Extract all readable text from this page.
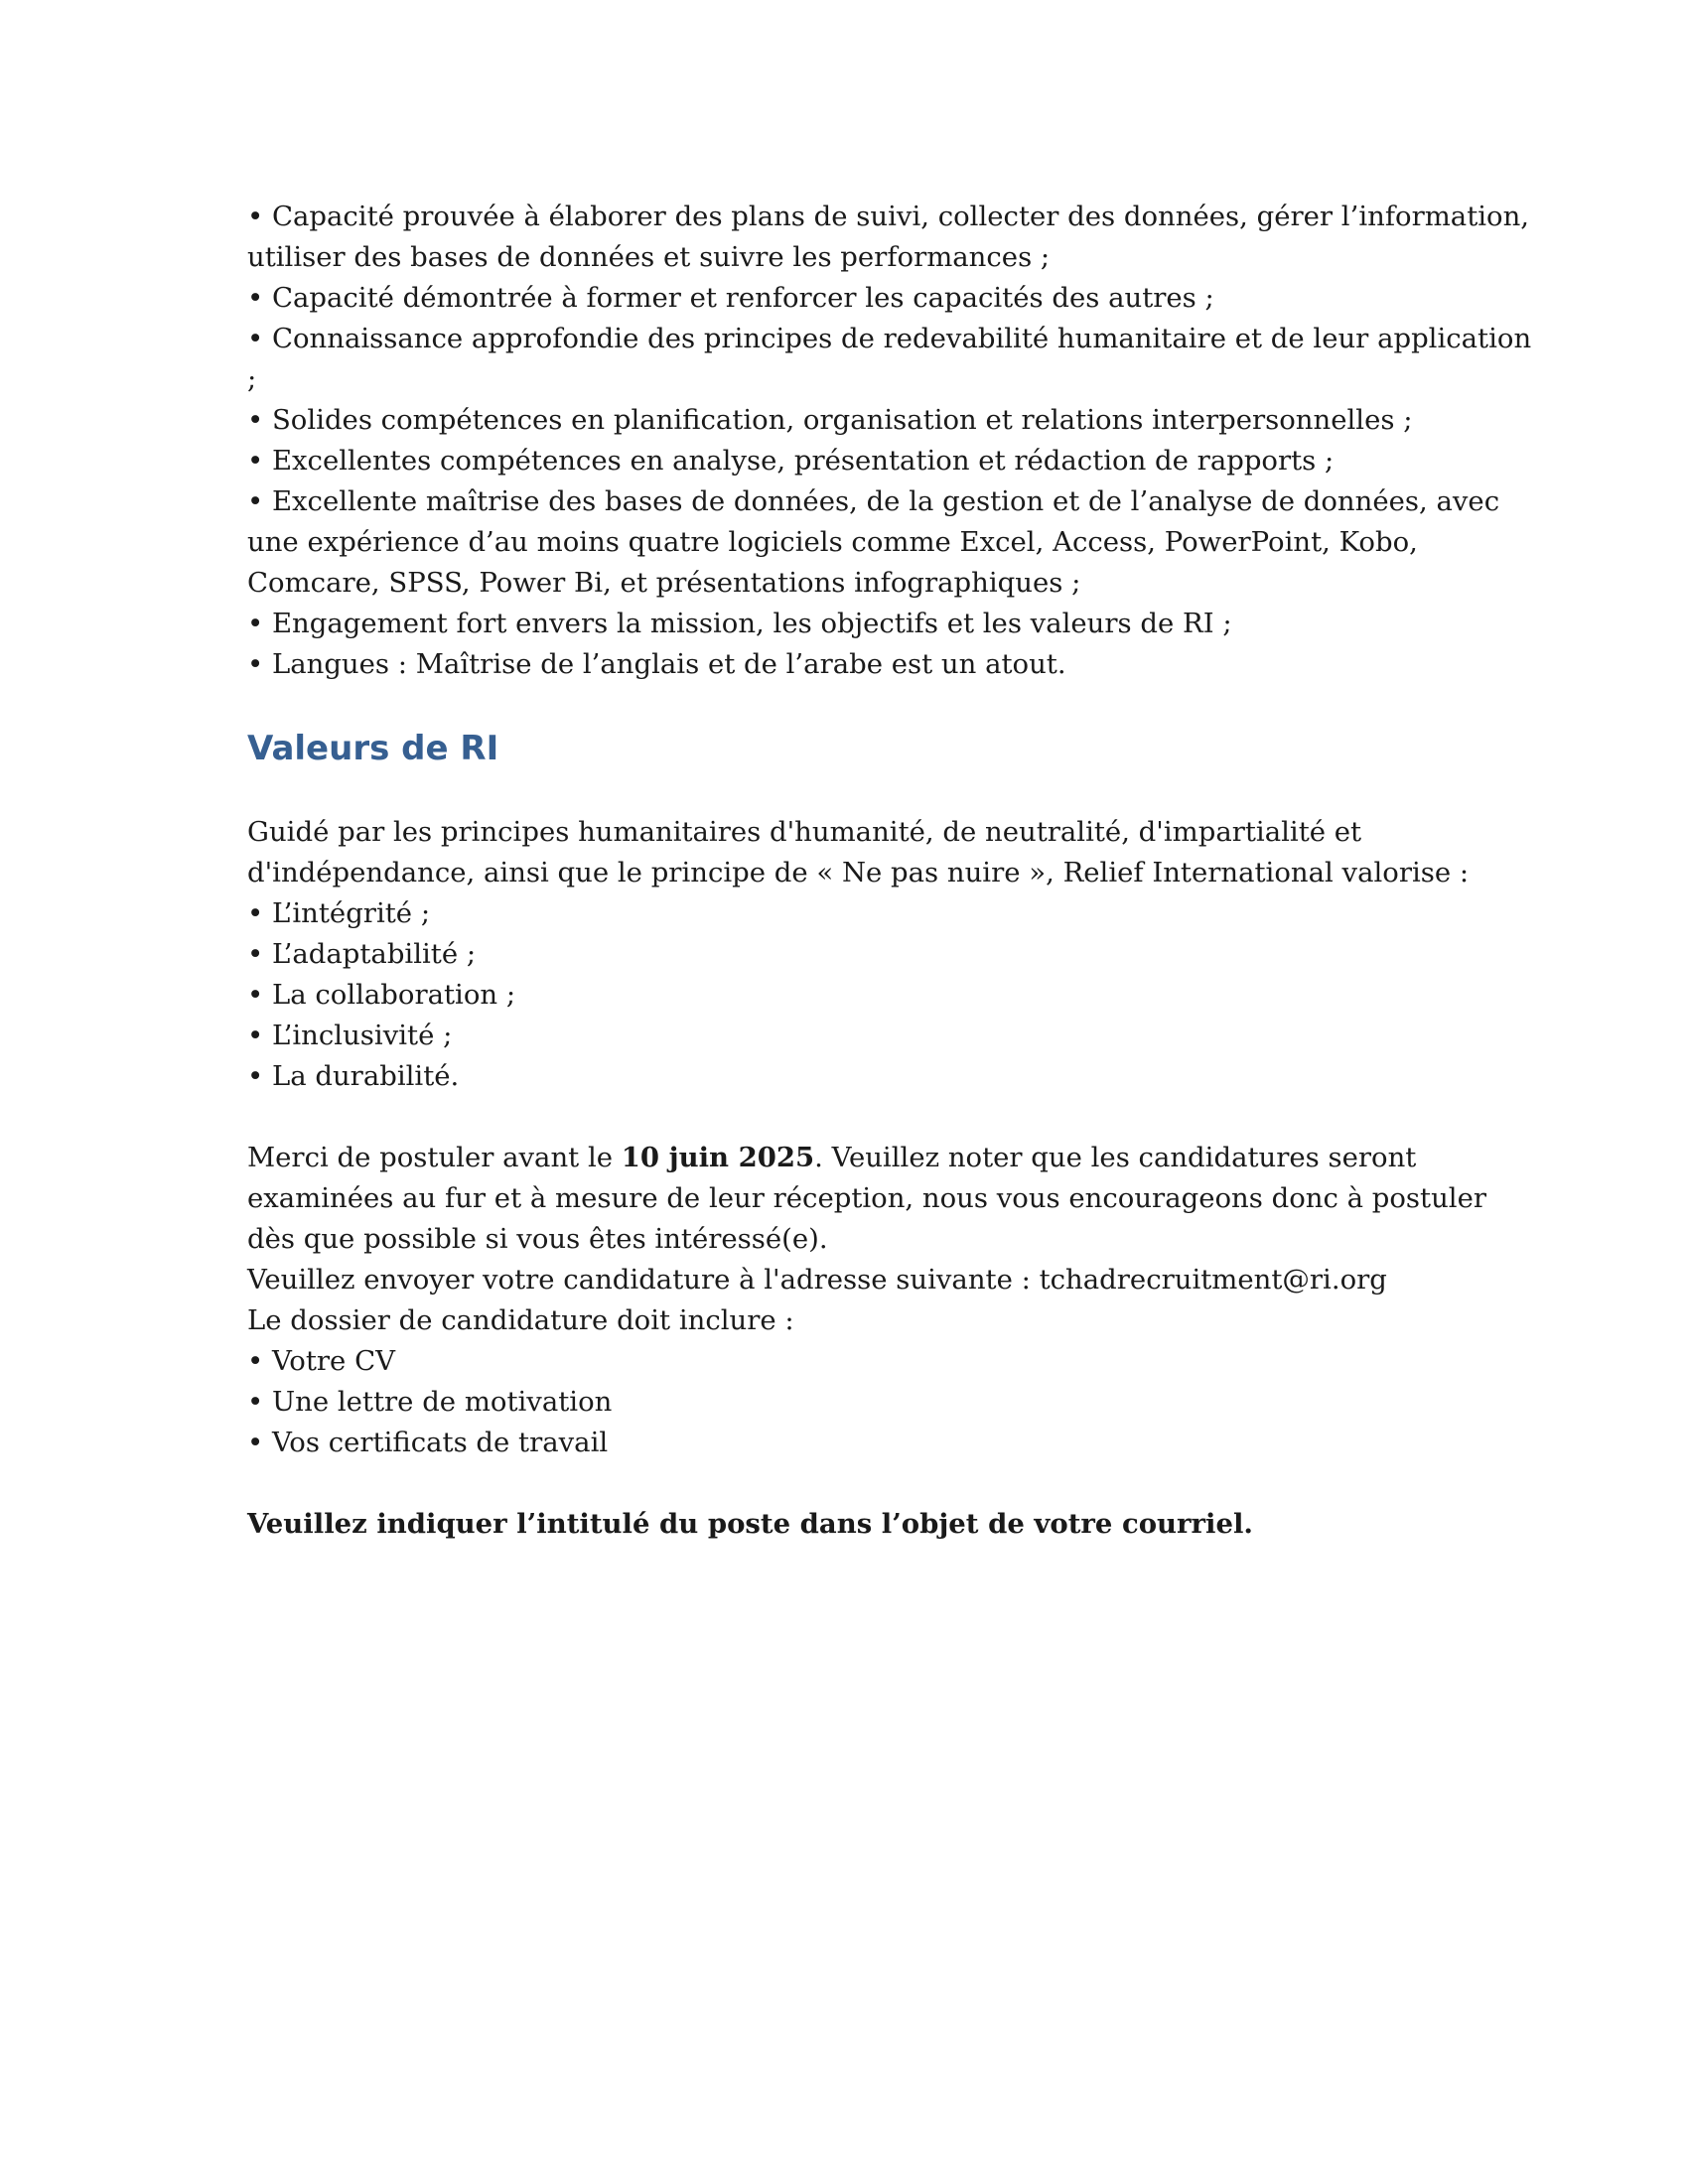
• Capacité prouvée à élaborer des plans de suivi, collecter des données, gérer l’information,

utiliser des bases de données et suivre les performances ;

• Capacité démontrée à former et renforcer les capacités des autres ;

• Connaissance approfondie des principes de redevabilité humanitaire et de leur application

;

• Solides compétences en planification, organisation et relations interpersonnelles ;

• Excellentes compétences en analyse, présentation et rédaction de rapports ;

• Excellente maîtrise des bases de données, de la gestion et de l’analyse de données, avec

une expérience d’au moins quatre logiciels comme Excel, Access, PowerPoint, Kobo,

Comcare, SPSS, Power Bi, et présentations infographiques ;

• Engagement fort envers la mission, les objectifs et les valeurs de RI ;

• Langues : Maîtrise de l’anglais et de l’arabe est un atout.

Valeurs de RI

Guidé par les principes humanitaires d'humanité, de neutralité, d'impartialité et

d'indépendance, ainsi que le principe de « Ne pas nuire », Relief International valorise :

• L’intégrité ;

• L’adaptabilité ;

• La collaboration ;

• L’inclusivité ;

• La durabilité.

Merci de postuler avant le 10 juin 2025. Veuillez noter que les candidatures seront

examinées au fur et à mesure de leur réception, nous vous encourageons donc à postuler

dès que possible si vous êtes intéressé(e).

Veuillez envoyer votre candidature à l'adresse suivante : tchadrecruitment@ri.org

Le dossier de candidature doit inclure :

• Votre CV

• Une lettre de motivation

• Vos certificats de travail

Veuillez indiquer l’intitulé du poste dans l’objet de votre courriel.
